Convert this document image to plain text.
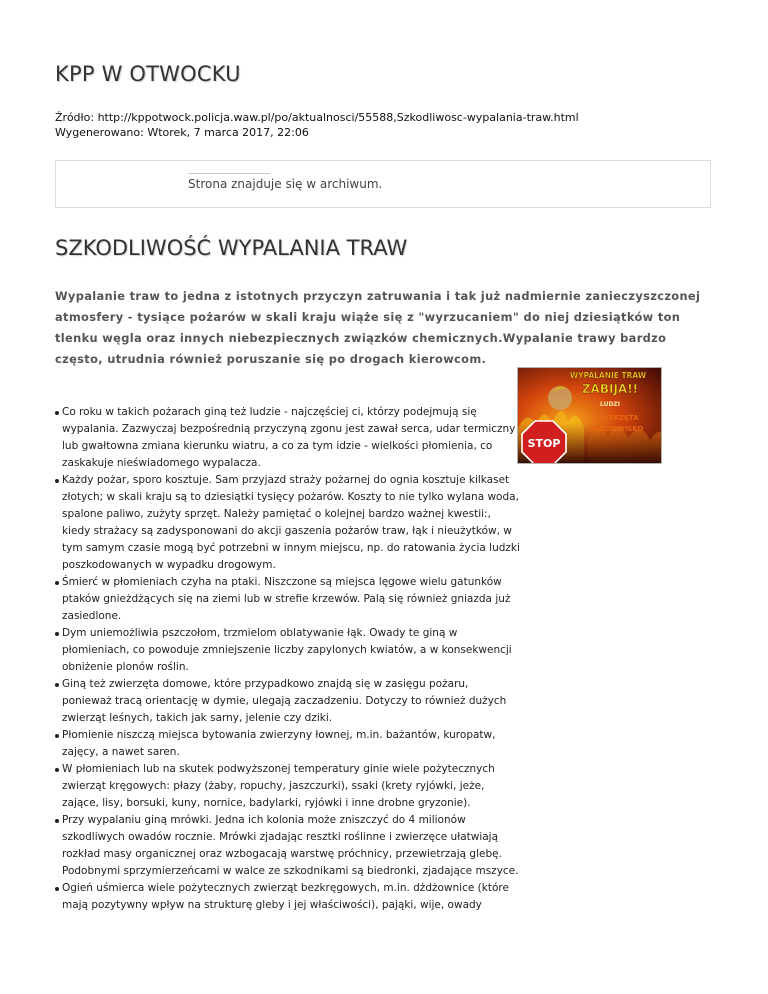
KPP W OTWOCKU
Źródło: http://kppotwock.policja.waw.pl/po/aktualnosci/55588,Szkodliwosc-wypalania-traw.html
Wygenerowano: Wtorek, 7 marca 2017, 22:06
Strona znajduje się w archiwum.
SZKODLIWOŚĆ WYPALANIA TRAW

Wypalanie traw to jedna z istotnych przyczyn zatruwania i tak już nadmiernie zanieczyszczonej atmosfery - tysiące pożarów w skali kraju wiąże się z "wyrzucaniem" do niej dziesiątków ton tlenku węgla oraz innych niebezpiecznych związków chemicznych.Wypalanie trawy bardzo często, utrudnia również poruszanie się po drogach kierowcom.

WYPALANIE TRAW
ZABIJA!!
LUDZI
ZWIERZĘTA
ŚRODOWISKO
STOP
Co roku w takich pożarach giną też ludzie - najczęściej ci, którzy podejmują się wypalania. Zazwyczaj bezpośrednią przyczyną zgonu jest zawał serca, udar termiczny lub gwałtowna zmiana kierunku wiatru, a co za tym idzie - wielkości płomienia, co zaskakuje nieświadomego wypalacza.
Każdy pożar, sporo kosztuje. Sam przyjazd straży pożarnej do ognia kosztuje kilkaset złotych; w skali kraju są to dziesiątki tysięcy pożarów. Koszty to nie tylko wylana woda, spalone paliwo, zużyty sprzęt. Należy pamiętać o kolejnej bardzo ważnej kwestii:, kiedy strażacy są zadysponowani do akcji gaszenia pożarów traw, łąk i nieużytków, w tym samym czasie mogą być potrzebni w innym miejscu, np. do ratowania życia ludzki poszkodowanych w wypadku drogowym.
Śmierć w płomieniach czyha na ptaki. Niszczone są miejsca lęgowe wielu gatunków ptaków gnieżdżących się na ziemi lub w strefie krzewów. Palą się również gniazda już zasiedlone.
Dym uniemożliwia pszczołom, trzmielom oblatywanie łąk. Owady te giną w płomieniach, co powoduje zmniejszenie liczby zapylonych kwiatów, a w konsekwencji obniżenie plonów roślin.
Giną też zwierzęta domowe, które przypadkowo znajdą się w zasięgu pożaru, ponieważ tracą orientację w dymie, ulegają zaczadzeniu. Dotyczy to również dużych zwierząt leśnych, takich jak sarny, jelenie czy dziki.
Płomienie niszczą miejsca bytowania zwierzyny łownej, m.in. bażantów, kuropatw, zajęcy, a nawet saren.
W płomieniach lub na skutek podwyższonej temperatury ginie wiele pożytecznych zwierząt kręgowych: płazy (żaby, ropuchy, jaszczurki), ssaki (krety ryjówki, jeże, zające, lisy, borsuki, kuny, nornice, badylarki, ryjówki i inne drobne gryzonie).
Przy wypalaniu giną mrówki. Jedna ich kolonia może zniszczyć do 4 milionów szkodliwych owadów rocznie. Mrówki zjadając resztki roślinne i zwierzęce ułatwiają rozkład masy organicznej oraz wzbogacają warstwę próchnicy, przewietrzają glebę. Podobnymi sprzymierzeńcami w walce ze szkodnikami są biedronki, zjadające mszyce.
Ogień uśmierca wiele pożytecznych zwierząt bezkręgowych, m.in. dżdżownice (które mają pozytywny wpływ na strukturę gleby i jej właściwości), pająki, wije, owady
